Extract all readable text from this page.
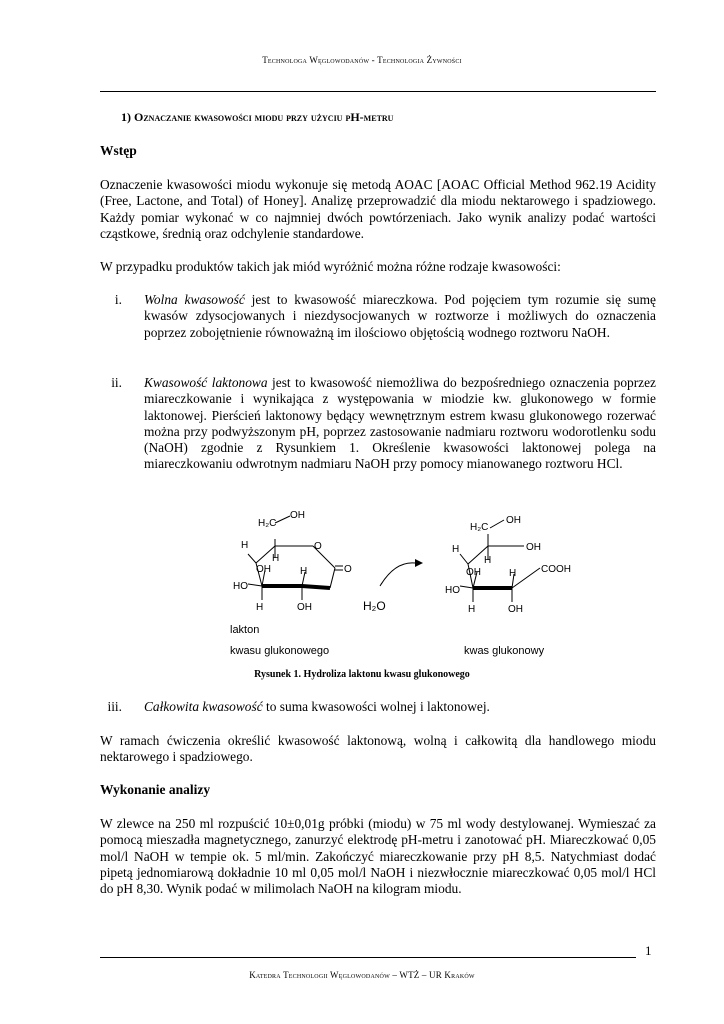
Technologa Węglowodanów - Technologia Żywności
1) Oznaczanie kwasowości miodu przy użyciu pH-metru
Wstęp
Oznaczenie kwasowości miodu wykonuje się metodą AOAC [AOAC Official Method 962.19 Acidity (Free, Lactone, and Total) of Honey]. Analizę przeprowadzić dla miodu nektarowego i spadziowego. Każdy pomiar wykonać w co najmniej dwóch powtórzeniach. Jako wynik analizy podać wartości cząstkowe, średnią oraz odchylenie standardowe.
W przypadku produktów takich jak miód wyróżnić można różne rodzaje kwasowości:
i. Wolna kwasowość jest to kwasowość miareczkowa. Pod pojęciem tym rozumie się sumę kwasów zdysocjowanych i niezdysocjowanych w roztworze i możliwych do oznaczenia poprzez zobojętnienie równoważną im ilościowo objętością wodnego roztworu NaOH.
ii. Kwasowość laktonowa jest to kwasowość niemożliwa do bezpośredniego oznaczenia poprzez miareczkowanie i wynikająca z występowania w miodzie kw. glukonowego w formie laktonowej. Pierścień laktonowy będący wewnętrznym estrem kwasu glukonowego rozerwać można przy podwyższonym pH, poprzez zastosowanie nadmiaru roztworu wodorotlenku sodu (NaOH) zgodnie z Rysunkiem 1. Określenie kwasowości laktonowej polega na miareczkowaniu odwrotnym nadmiaru NaOH przy pomocy mianowanego roztworu HCl.
H₂C
OH
O
H
H
OH	H	O
HO
H	OH	H₂O
H₂C
OH
OH
H
H
OH	H COOH
HO
H	OH
lakton
kwasu glukonowego	kwas glukonowy
Rysunek 1. Hydroliza laktonu kwasu glukonowego
iii. Całkowita kwasowość to suma kwasowości wolnej i laktonowej.
W ramach ćwiczenia określić kwasowość laktonową, wolną i całkowitą dla handlowego miodu nektarowego i spadziowego.
Wykonanie analizy
W zlewce na 250 ml rozpuścić 10±0,01g próbki (miodu) w 75 ml wody destylowanej. Wymieszać za pomocą mieszadła magnetycznego, zanurzyć elektrodę pH-metru i zanotować pH. Miareczkować 0,05 mol/l NaOH w tempie ok. 5 ml/min. Zakończyć miareczkowanie przy pH 8,5. Natychmiast dodać pipetą jednomiarową dokładnie 10 ml 0,05 mol/l NaOH i niezwłocznie miareczkować 0,05 mol/l HCl do pH 8,30. Wynik podać w milimolach NaOH na kilogram miodu.
1
Katedra Technologii Węglowodanów – WTŻ – UR Kraków
